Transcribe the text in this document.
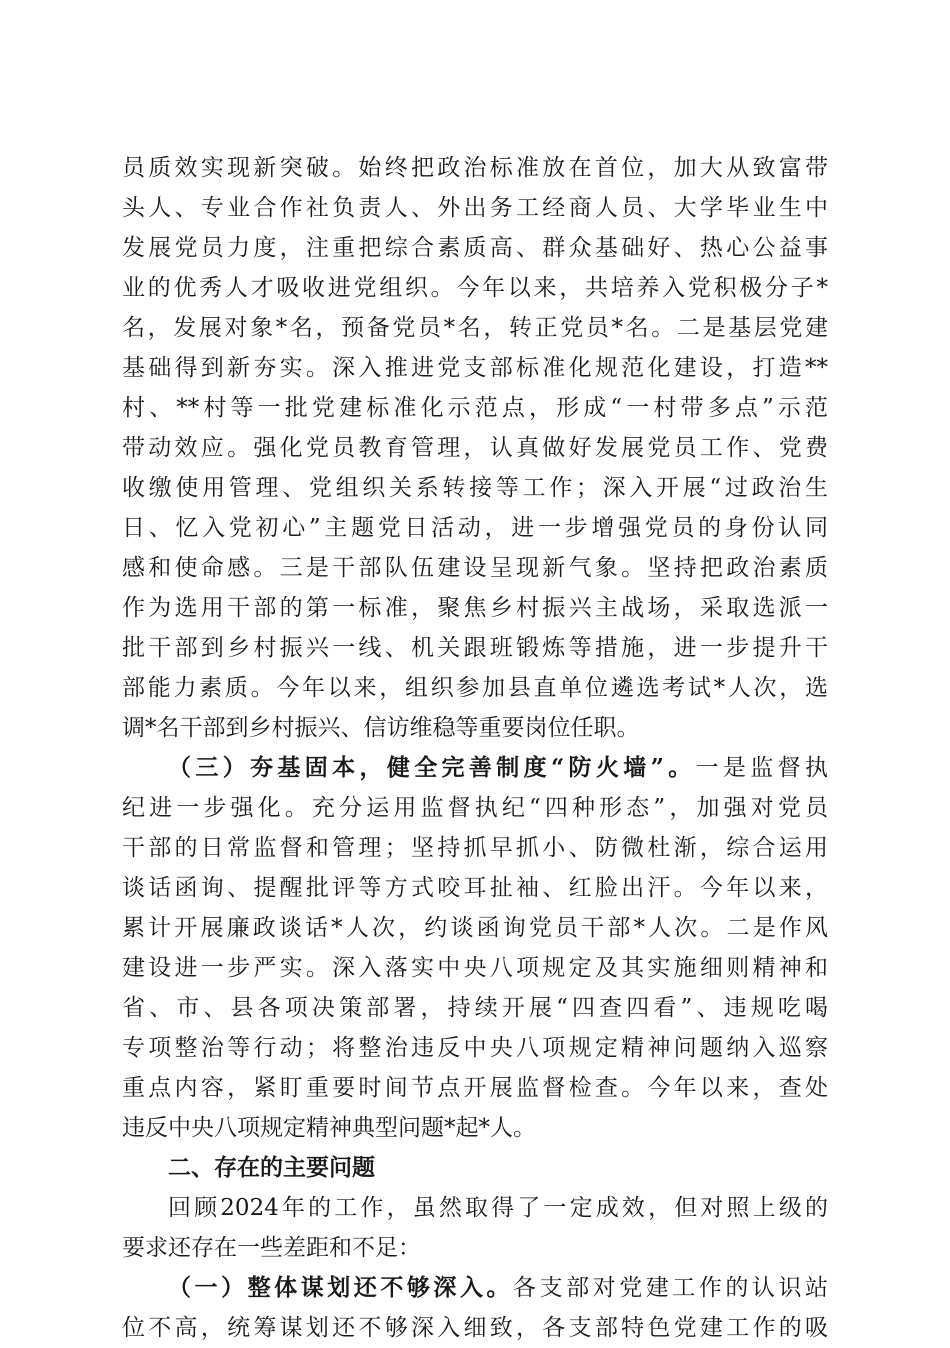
员质效实现新突破。始终把政治标准放在首位，加大从致富带
头人、专业合作社负责人、外出务工经商人员、大学毕业生中
发展党员力度，注重把综合素质高、群众基础好、热心公益事
业的优秀人才吸收进党组织。今年以来，共培养入党积极分子*
名，发展对象*名，预备党员*名，转正党员*名。二是基层党建
基础得到新夯实。深入推进党支部标准化规范化建设，打造**
村、**村等一批党建标准化示范点，形成“一村带多点”示范
带动效应。强化党员教育管理，认真做好发展党员工作、党费
收缴使用管理、党组织关系转接等工作；深入开展“过政治生
日、忆入党初心”主题党日活动，进一步增强党员的身份认同
感和使命感。三是干部队伍建设呈现新气象。坚持把政治素质
作为选用干部的第一标准，聚焦乡村振兴主战场，采取选派一
批干部到乡村振兴一线、机关跟班锻炼等措施，进一步提升干
部能力素质。今年以来，组织参加县直单位遴选考试*人次，选
调*名干部到乡村振兴、信访维稳等重要岗位任职。
（三）夯基固本，健全完善制度“防火墙”。一是监督执
纪进一步强化。充分运用监督执纪“四种形态”，加强对党员
干部的日常监督和管理；坚持抓早抓小、防微杜渐，综合运用
谈话函询、提醒批评等方式咬耳扯袖、红脸出汗。今年以来，
累计开展廉政谈话*人次，约谈函询党员干部*人次。二是作风
建设进一步严实。深入落实中央八项规定及其实施细则精神和
省、市、县各项决策部署，持续开展“四查四看”、违规吃喝
专项整治等行动；将整治违反中央八项规定精神问题纳入巡察
重点内容，紧盯重要时间节点开展监督检查。今年以来，查处
违反中央八项规定精神典型问题*起*人。
二、存在的主要问题
回顾2024年的工作，虽然取得了一定成效，但对照上级的
要求还存在一些差距和不足：
（一）整体谋划还不够深入。各支部对党建工作的认识站
位不高，统筹谋划还不够深入细致，各支部特色党建工作的吸
